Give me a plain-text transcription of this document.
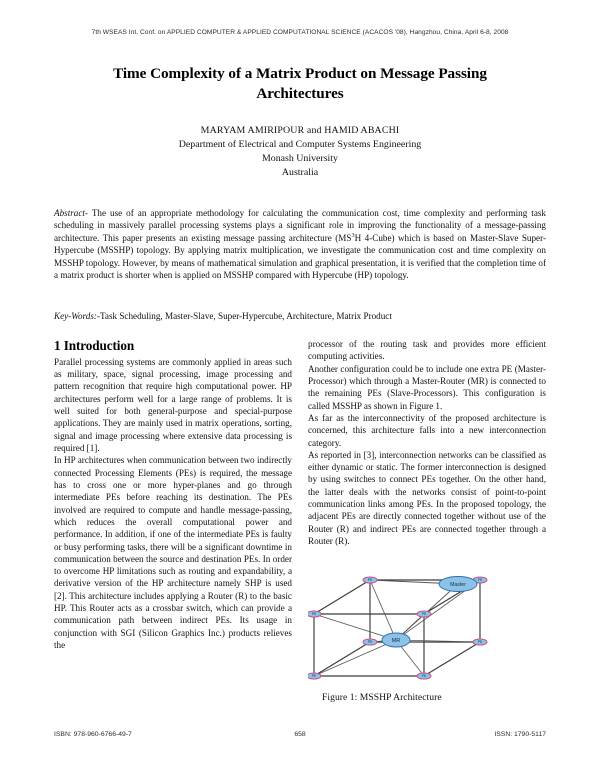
7th WSEAS Int. Conf. on APPLIED COMPUTER & APPLIED COMPUTATIONAL SCIENCE (ACACOS '08), Hangzhou, China, April 6-8, 2008
Time Complexity of a Matrix Product on Message Passing Architectures
MARYAM AMIRIPOUR and HAMID ABACHI
Department of Electrical and Computer Systems Engineering
Monash University
Australia
Abstract- The use of an appropriate methodology for calculating the communication cost, time complexity and performing task scheduling in massively parallel processing systems plays a significant role in improving the functionality of a message-passing architecture. This paper presents an existing message passing architecture ($MS^3H$ 4-Cube) which is based on Master-Slave Super-Hypercube (MSSHP) topology. By applying matrix multiplication, we investigate the communication cost and time complexity on MSSHP topology. However, by means of mathematical simulation and graphical presentation, it is verified that the completion time of a matrix product is shorter when is applied on MSSHP compared with Hypercube (HP) topology.
Key-Words:-Task Scheduling, Master-Slave, Super-Hypercube, Architecture, Matrix Product
1 Introduction

Parallel processing systems are commonly applied in areas such as military, space, signal processing, image processing and pattern recognition that require high computational power. HP architectures perform well for a large range of problems. It is well suited for both general-purpose and special-purpose applications. They are mainly used in matrix operations, sorting, signal and image processing where extensive data processing is required [1].

In HP architectures when communication between two indirectly connected Processing Elements (PEs) is required, the message has to cross one or more hyper-planes and go through intermediate PEs before reaching its destination. The PEs involved are required to compute and handle message-passing, which reduces the overall computational power and performance. In addition, if one of the intermediate PEs is faulty or busy performing tasks, there will be a significant downtime in communication between the source and destination PEs. In order to overcome HP limitations such as routing and expandability, a derivative version of the HP architecture namely SHP is used [2]. This architecture includes applying a Router (R) to the basic HP. This Router acts as a crossbar switch, which can provide a communication path between indirect PEs. Its usage in conjunction with SGI (Silicon Graphics Inc.) products relieves the

processor of the routing task and provides more efficient computing activities.

Another configuration could be to include one extra PE (Master-Processor) which through a Master-Router (MR) is connected to the remaining PEs (Slave-Processors). This configuration is called MSSHP as shown in Figure 1.

As far as the interconnectivity of the proposed architecture is concerned, this architecture falls into a new interconnection category.

As reported in [3], interconnection networks can be classified as either dynamic or static. The former interconnection is designed by using switches to connect PEs together. On the other hand, the latter deals with the networks consist of point-to-point communication links among PEs. In the proposed topology, the adjacent PEs are directly connected together without use of the Router (R) and indirect PEs are connected together through a Router (R).

PE	PE
PE	PE
PE	PE
PE	PE
MR
Master
Figure 1: MSSHP Architecture
ISBN: 978-960-6766-49-7	658	ISSN: 1790-5117
